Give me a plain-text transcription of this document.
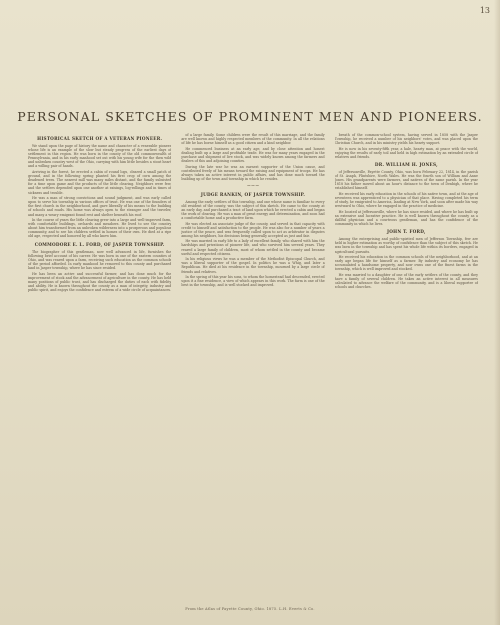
13
PERSONAL SKETCHES OF PROMINENT MEN AND PIONEERS.
HISTORICAL SKETCH OF A VETERAN PIONEER.
We stand upon the page of history the name and character of a venerable pioneer whose life is an example of the slow but steady progress of the earliest days of settlement in this region. He was born in the county of the old commonwealth of Pennsylvania, and in his early manhood set out with his young wife for the then wild and unbroken country west of the Ohio, carrying with him little besides a stout heart and a willing pair of hands.
Arriving in the forest, he erected a cabin of round logs, cleared a small patch of ground, and in the following spring planted his first crop of corn among the deadened trees. The nearest mill was many miles distant, and the family subsisted for a time upon game and the products of the little clearing. Neighbors were few, and the settlers depended upon one another at raisings, log-rollings and in times of sickness and trouble.
He was a man of strong convictions and sound judgment, and was early called upon to serve his township in various offices of trust. He was one of the founders of the first church in the neighborhood, and gave liberally of his means to the building of schools and roads. His home was always open to the stranger and the traveler, and many a weary emigrant found rest and shelter beneath his roof.
In the course of years the little clearing grew into a large and well-improved farm, with comfortable buildings, orchards and meadows. He lived to see the country about him transformed from an unbroken wilderness into a prosperous and populous community, and to see his children settled in homes of their own. He died at a ripe old age, respected and honored by all who knew him.
COMMODORE E. L. FORD, OF JASPER TOWNSHIP.
The biographer of this gentleman, now well advanced in life, furnishes the following brief account of his career. He was born in one of the eastern counties of Ohio, and was reared upon a farm, receiving such education as the common schools of the period afforded. In early manhood he removed to this county and purchased land in Jasper township, where he has since resided.
He has been an active and successful farmer, and has done much for the improvement of stock and the advancement of agriculture in the county. He has held many positions of public trust, and has discharged the duties of each with fidelity and ability. He is known throughout the county as a man of integrity, industry and public spirit, and enjoys the confidence and esteem of a wide circle of acquaintances.
of a large family. Some children were the result of this marriage, and the family are well known and highly respected members of the community. In all the relations of life he has borne himself as a good citizen and a kind neighbor.
He commenced business at an early age, and by close attention and honest dealing built up a large and profitable trade. He was for many years engaged in the purchase and shipment of live stock, and was widely known among the farmers and dealers of this and adjoining counties.
During the late war he was an earnest supporter of the Union cause, and contributed freely of his means toward the raising and equipment of troops. He has always taken an active interest in public affairs, and has done much toward the building up of the town and township in which he resides.
~~~
JUDGE RANKIN, OF JASPER TOWNSHIP.
Among the early settlers of this township, and one whose name is familiar to every old resident of the county, was the subject of this sketch. He came to the county at an early day, and purchased a tract of land upon which he erected a cabin and began the work of clearing. He was a man of great energy and determination, and soon had a comfortable home and a productive farm.
He was elected an associate judge of the county, and served in that capacity with credit to himself and satisfaction to the people. He was also for a number of years a justice of the peace, and was frequently called upon to act as arbitrator in disputes among his neighbors, his decisions being generally accepted as just and fair.
He was married in early life to a lady of excellent family, who shared with him the hardships and privations of pioneer life, and who survived him several years. They reared a large family of children, most of whom settled in the county and became useful and respected citizens.
In his religious views he was a member of the Methodist Episcopal Church, and was a liberal supporter of the gospel. In politics he was a Whig, and later a Republican. He died at his residence in the township, mourned by a large circle of friends and relatives.
In the spring of this year his sons, to whom the homestead had descended, erected upon it a fine residence, a view of which appears in this work. The farm is one of the best in the township, and is well stocked and improved.
breath of the common-school system, having served in 1858 with the Jasper Township, he received a number of his neighbors' votes, and was placed upon the Christian Church, and in his ministry yields his hearty support.
He is now in his seventy-fifth year, a hale, hearty man, at peace with the world, enjoying the results of early toil and held in high estimation by an extended circle of relatives and friends.
DR. WILLIAM H. JONES,
of Jeffersonville, Fayette County, Ohio, was born February 22, 1814, in the parish of St. Asaph, Flintshire, North Wales. He was the fourth son of William and Anne Jones. His grandparents were farmers, and natives of the same parish. In the year 1818 his father moved about an hour's distance to the town of Denbigh, where he established himself.
He received his early education in the schools of his native town, and at the age of seventeen was apprenticed to a physician of that place. Having completed his term of study, he emigrated to America, landing at New York, and soon after made his way westward to Ohio, where he engaged in the practice of medicine.
He located at Jeffersonville, where he has since resided, and where he has built up an extensive and lucrative practice. He is well known throughout the county as a skillful physician and a courteous gentleman, and has the confidence of the community in which he lives.
JOHN T. FORD,
Among the enterprising and public-spirited men of Jefferson Township, few are held in higher estimation as worthy of confidence than the subject of this sketch. He was born in the township and has spent his whole life within its borders, engaged in agricultural pursuits.
He received his education in the common schools of the neighborhood, and at an early age began life for himself as a farmer. By industry and economy he has accumulated a handsome property, and now owns one of the finest farms in the township, which is well improved and stocked.
He was married to a daughter of one of the early settlers of the county, and they have a family of several children. He takes an active interest in all measures calculated to advance the welfare of the community, and is a liberal supporter of schools and churches.
From the Atlas of Fayette County, Ohio. 1875. L.H. Everts & Co.
